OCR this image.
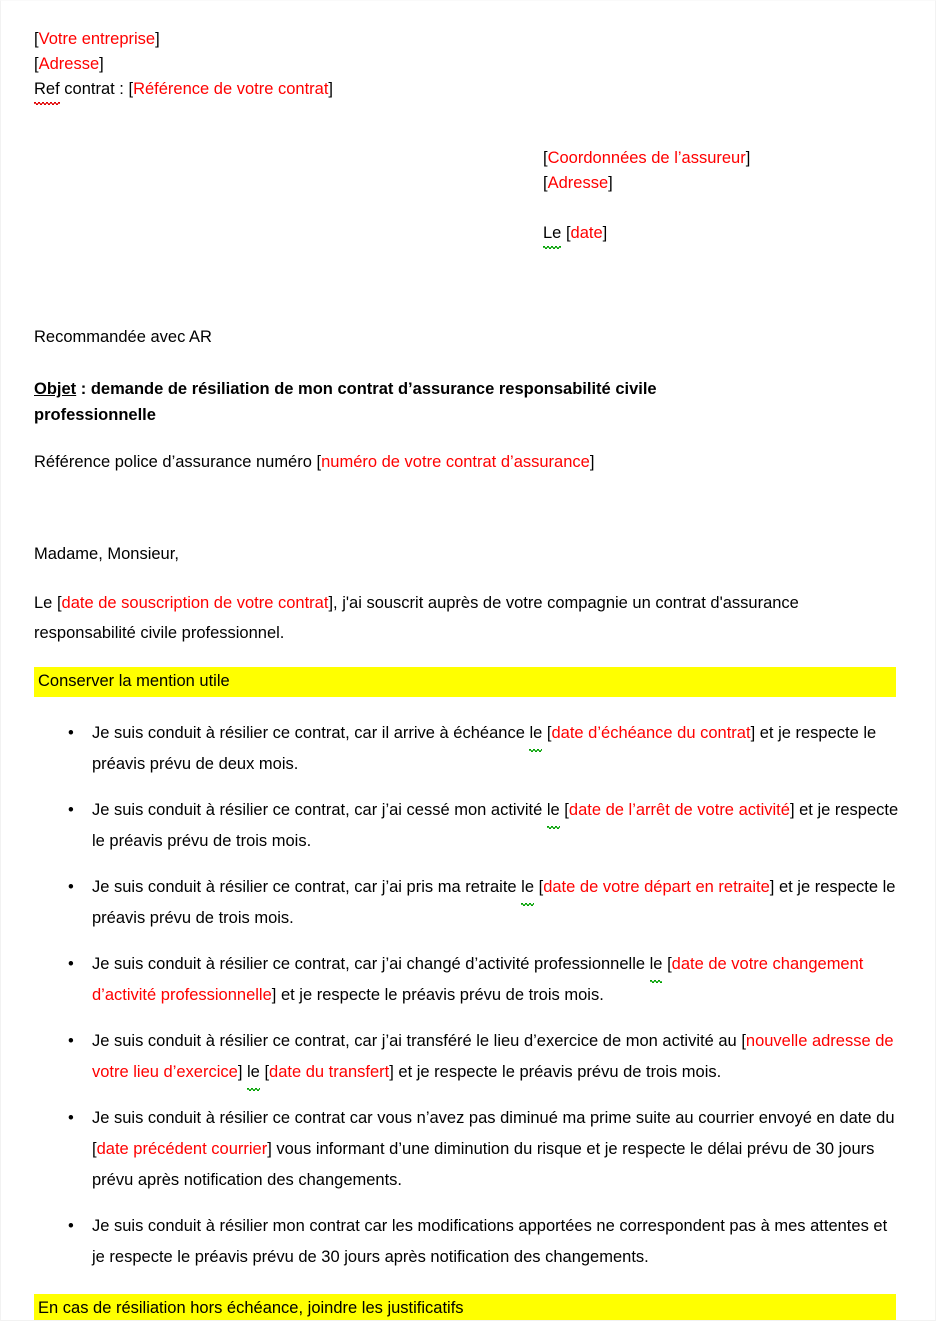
[Votre entreprise]
[Adresse]
Ref contrat : [Référence de votre contrat]
[Coordonnées de l’assureur]
[Adresse]
Le [date]
Recommandée avec AR
Objet : demande de résiliation de mon contrat d’assurance responsabilité civile professionnelle
Référence police d’assurance numéro [numéro de votre contrat d’assurance]
Madame, Monsieur,
Le [date de souscription de votre contrat], j'ai souscrit auprès de votre compagnie un contrat d'assurance responsabilité civile professionnel.
Conserver la mention utile
• Je suis conduit à résilier ce contrat, car il arrive à échéance le [date d’échéance du contrat] et je respecte le préavis prévu de deux mois.
• Je suis conduit à résilier ce contrat, car j’ai cessé mon activité le [date de l’arrêt de votre activité] et je respecte le préavis prévu de trois mois.
• Je suis conduit à résilier ce contrat, car j’ai pris ma retraite le [date de votre départ en retraite] et je respecte le préavis prévu de trois mois.
• Je suis conduit à résilier ce contrat, car j’ai changé d’activité professionnelle le [date de votre changement d’activité professionnelle] et je respecte le préavis prévu de trois mois.
• Je suis conduit à résilier ce contrat, car j’ai transféré le lieu d’exercice de mon activité au [nouvelle adresse de votre lieu d’exercice] le [date du transfert] et je respecte le préavis prévu de trois mois.
• Je suis conduit à résilier ce contrat car vous n’avez pas diminué ma prime suite au courrier envoyé en date du [date précédent courrier] vous informant d’une diminution du risque et je respecte le délai prévu de 30 jours prévu après notification des changements.
• Je suis conduit à résilier mon contrat car les modifications apportées ne correspondent pas à mes attentes et je respecte le préavis prévu de 30 jours après notification des changements.
En cas de résiliation hors échéance, joindre les justificatifs
